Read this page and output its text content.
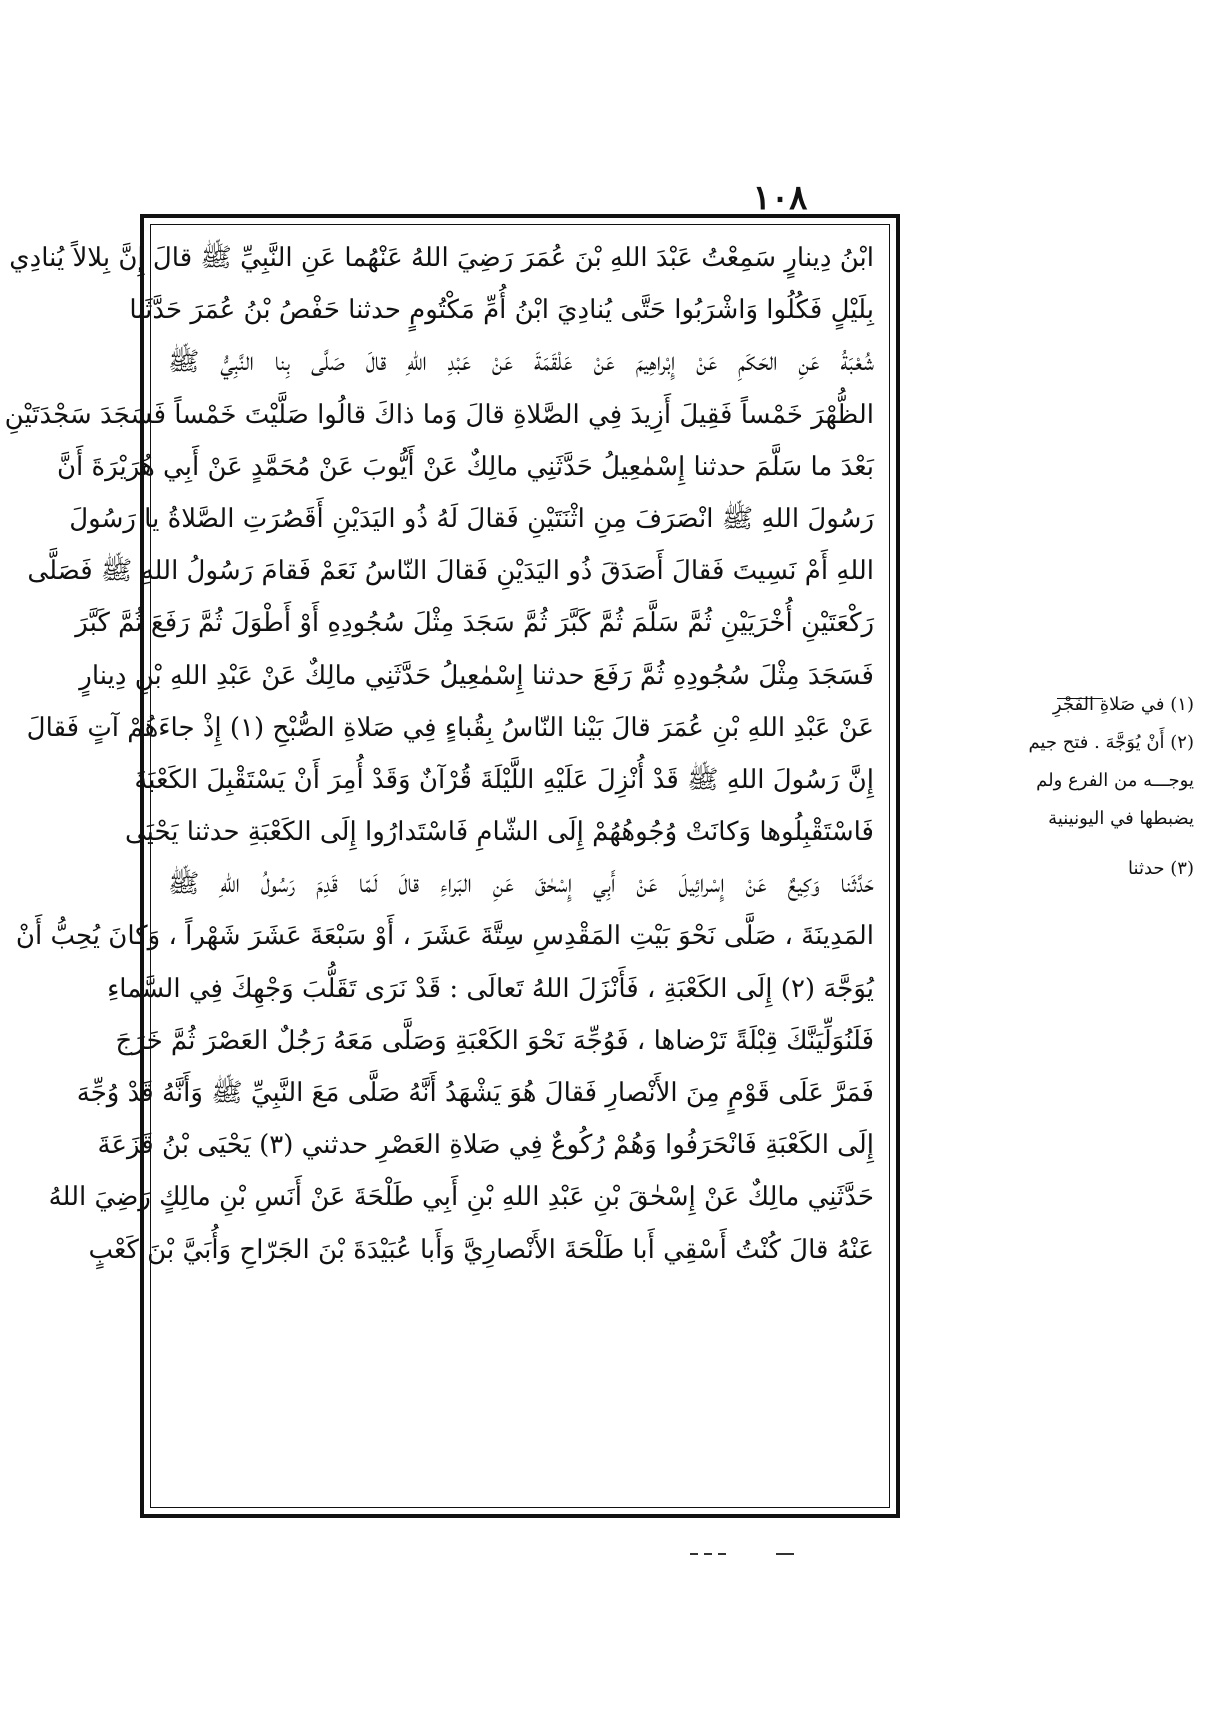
١٠٨
ابْنُ دِينارٍ سَمِعْتُ عَبْدَ اللهِ بْنَ عُمَرَ رَضِيَ اللهُ عَنْهُما عَنِ النَّبِيِّ ﷺ قالَ إِنَّ بِلالاً يُنادِي
بِلَيْلٍ فَكُلُوا وَاشْرَبُوا حَتَّى يُنادِيَ ابْنُ أُمِّ مَكْتُومٍ حدثنا حَفْصُ بْنُ عُمَرَ حَدَّثَنا
شُعْبَةُ عَنِ الحَكَمِ عَنْ إِبْراهِيمَ عَنْ عَلْقَمَةَ عَنْ عَبْدِ اللهِ قالَ صَلَّى بِنا النَّبِيُّ ﷺ
الظُّهْرَ خَمْساً فَقِيلَ أَزِيدَ فِي الصَّلاةِ قالَ وَما ذاكَ قالُوا صَلَّيْتَ خَمْساً فَسَجَدَ سَجْدَتَيْنِ
بَعْدَ ما سَلَّمَ حدثنا إِسْمٰعِيلُ حَدَّثَنِي مالِكٌ عَنْ أَيُّوبَ عَنْ مُحَمَّدٍ عَنْ أَبِي هُرَيْرَةَ أَنَّ
رَسُولَ اللهِ ﷺ انْصَرَفَ مِنِ اثْنَتَيْنِ فَقالَ لَهُ ذُو اليَدَيْنِ أَقَصُرَتِ الصَّلاةُ يا رَسُولَ
اللهِ أَمْ نَسِيتَ فَقالَ أَصَدَقَ ذُو اليَدَيْنِ فَقالَ النّاسُ نَعَمْ فَقامَ رَسُولُ اللهِ ﷺ فَصَلَّى
رَكْعَتَيْنِ أُخْرَيَيْنِ ثُمَّ سَلَّمَ ثُمَّ كَبَّرَ ثُمَّ سَجَدَ مِثْلَ سُجُودِهِ أَوْ أَطْوَلَ ثُمَّ رَفَعَ ثُمَّ كَبَّرَ
فَسَجَدَ مِثْلَ سُجُودِهِ ثُمَّ رَفَعَ حدثنا إِسْمٰعِيلُ حَدَّثَنِي مالِكٌ عَنْ عَبْدِ اللهِ بْنِ دِينارٍ
عَنْ عَبْدِ اللهِ بْنِ عُمَرَ قالَ بَيْنا النّاسُ بِقُباءٍ فِي صَلاةِ الصُّبْحِ (١) إِذْ جاءَهُمْ آتٍ فَقالَ
إِنَّ رَسُولَ اللهِ ﷺ قَدْ أُنْزِلَ عَلَيْهِ اللَّيْلَةَ قُرْآنٌ وَقَدْ أُمِرَ أَنْ يَسْتَقْبِلَ الكَعْبَةَ
فَاسْتَقْبِلُوها وَكانَتْ وُجُوهُهُمْ إِلَى الشّامِ فَاسْتَدارُوا إِلَى الكَعْبَةِ حدثنا يَحْيَى
حَدَّثَنا وَكِيعٌ عَنْ إِسْرائِيلَ عَنْ أَبِي إِسْحٰقَ عَنِ البَراءِ قالَ لَمّا قَدِمَ رَسُولُ اللهِ ﷺ
المَدِينَةَ ، صَلَّى نَحْوَ بَيْتِ المَقْدِسِ سِتَّةَ عَشَرَ ، أَوْ سَبْعَةَ عَشَرَ شَهْراً ، وَكانَ يُحِبُّ أَنْ
يُوَجَّهَ (٢) إِلَى الكَعْبَةِ ، فَأَنْزَلَ اللهُ تَعالَى : قَدْ نَرَى تَقَلُّبَ وَجْهِكَ فِي السَّماءِ
فَلَنُوَلِّيَنَّكَ قِبْلَةً تَرْضاها ، فَوُجِّهَ نَحْوَ الكَعْبَةِ وَصَلَّى مَعَهُ رَجُلٌ العَصْرَ ثُمَّ خَرَجَ
فَمَرَّ عَلَى قَوْمٍ مِنَ الأَنْصارِ فَقالَ هُوَ يَشْهَدُ أَنَّهُ صَلَّى مَعَ النَّبِيِّ ﷺ وَأَنَّهُ قَدْ وُجِّهَ
إِلَى الكَعْبَةِ فَانْحَرَفُوا وَهُمْ رُكُوعٌ فِي صَلاةِ العَصْرِ حدثني (٣) يَحْيَى بْنُ قَزَعَةَ
حَدَّثَنِي مالِكٌ عَنْ إِسْحٰقَ بْنِ عَبْدِ اللهِ بْنِ أَبِي طَلْحَةَ عَنْ أَنَسِ بْنِ مالِكٍ رَضِيَ اللهُ
عَنْهُ قالَ كُنْتُ أَسْقِي أَبا طَلْحَةَ الأَنْصارِيَّ وَأَبا عُبَيْدَةَ بْنَ الجَرّاحِ وَأُبَيَّ بْنَ كَعْبٍ
(١) في صَلاةِ الفَجْرِ
(٢) أَنْ يُوَجَّهَ . فتح جيم
يوجـــه من الفرع ولم
يضبطها في اليونينية
(٣) حدثنا
